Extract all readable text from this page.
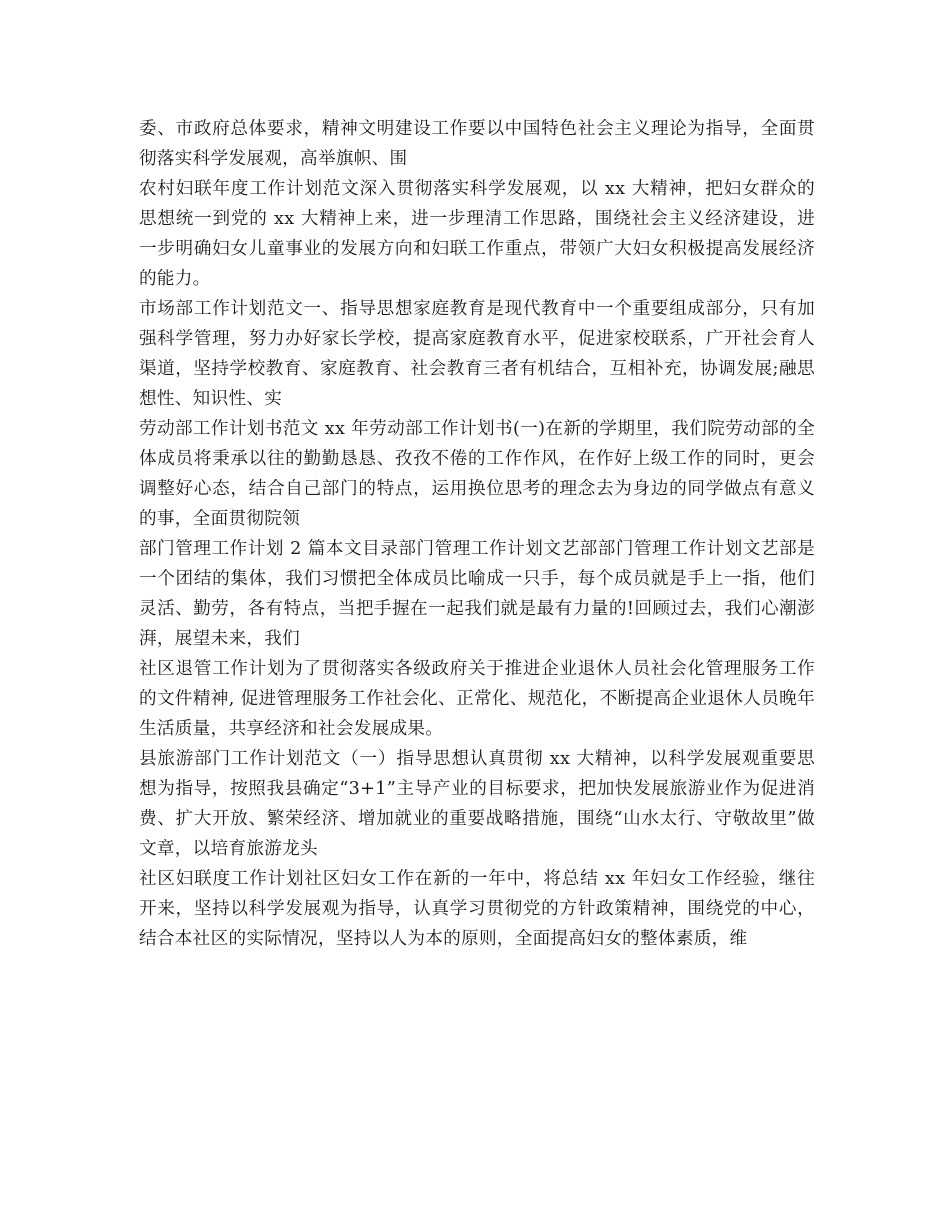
委、市政府总体要求，精神文明建设工作要以中国特色社会主义理论为指导，全面贯彻落实科学发展观，高举旗帜、围

农村妇联年度工作计划范文深入贯彻落实科学发展观，以 xx 大精神，把妇女群众的思想统一到党的 xx 大精神上来，进一步理清工作思路，围绕社会主义经济建设，进一步明确妇女儿童事业的发展方向和妇联工作重点，带领广大妇女积极提高发展经济的能力。

市场部工作计划范文一、指导思想家庭教育是现代教育中一个重要组成部分，只有加强科学管理，努力办好家长学校，提高家庭教育水平，促进家校联系，广开社会育人渠道，坚持学校教育、家庭教育、社会教育三者有机结合，互相补充，协调发展;融思想性、知识性、实

劳动部工作计划书范文 xx 年劳动部工作计划书(一)在新的学期里，我们院劳动部的全体成员将秉承以往的勤勤恳恳、孜孜不倦的工作作风，在作好上级工作的同时，更会调整好心态，结合自己部门的特点，运用换位思考的理念去为身边的同学做点有意义的事，全面贯彻院领

部门管理工作计划 2 篇本文目录部门管理工作计划文艺部部门管理工作计划文艺部是一个团结的集体，我们习惯把全体成员比喻成一只手，每个成员就是手上一指，他们灵活、勤劳，各有特点，当把手握在一起我们就是最有力量的!回顾过去，我们心潮澎湃，展望未来，我们

社区退管工作计划为了贯彻落实各级政府关于推进企业退休人员社会化管理服务工作的文件精神, 促进管理服务工作社会化、正常化、规范化，不断提高企业退休人员晚年生活质量，共享经济和社会发展成果。

县旅游部门工作计划范文（一）指导思想认真贯彻 xx 大精神，以科学发展观重要思想为指导，按照我县确定“3+1”主导产业的目标要求，把加快发展旅游业作为促进消费、扩大开放、繁荣经济、增加就业的重要战略措施，围绕“山水太行、守敬故里”做文章，以培育旅游龙头

社区妇联度工作计划社区妇女工作在新的一年中，将总结 xx 年妇女工作经验，继往开来，坚持以科学发展观为指导，认真学习贯彻党的方针政策精神，围绕党的中心，结合本社区的实际情况，坚持以人为本的原则，全面提高妇女的整体素质，维
